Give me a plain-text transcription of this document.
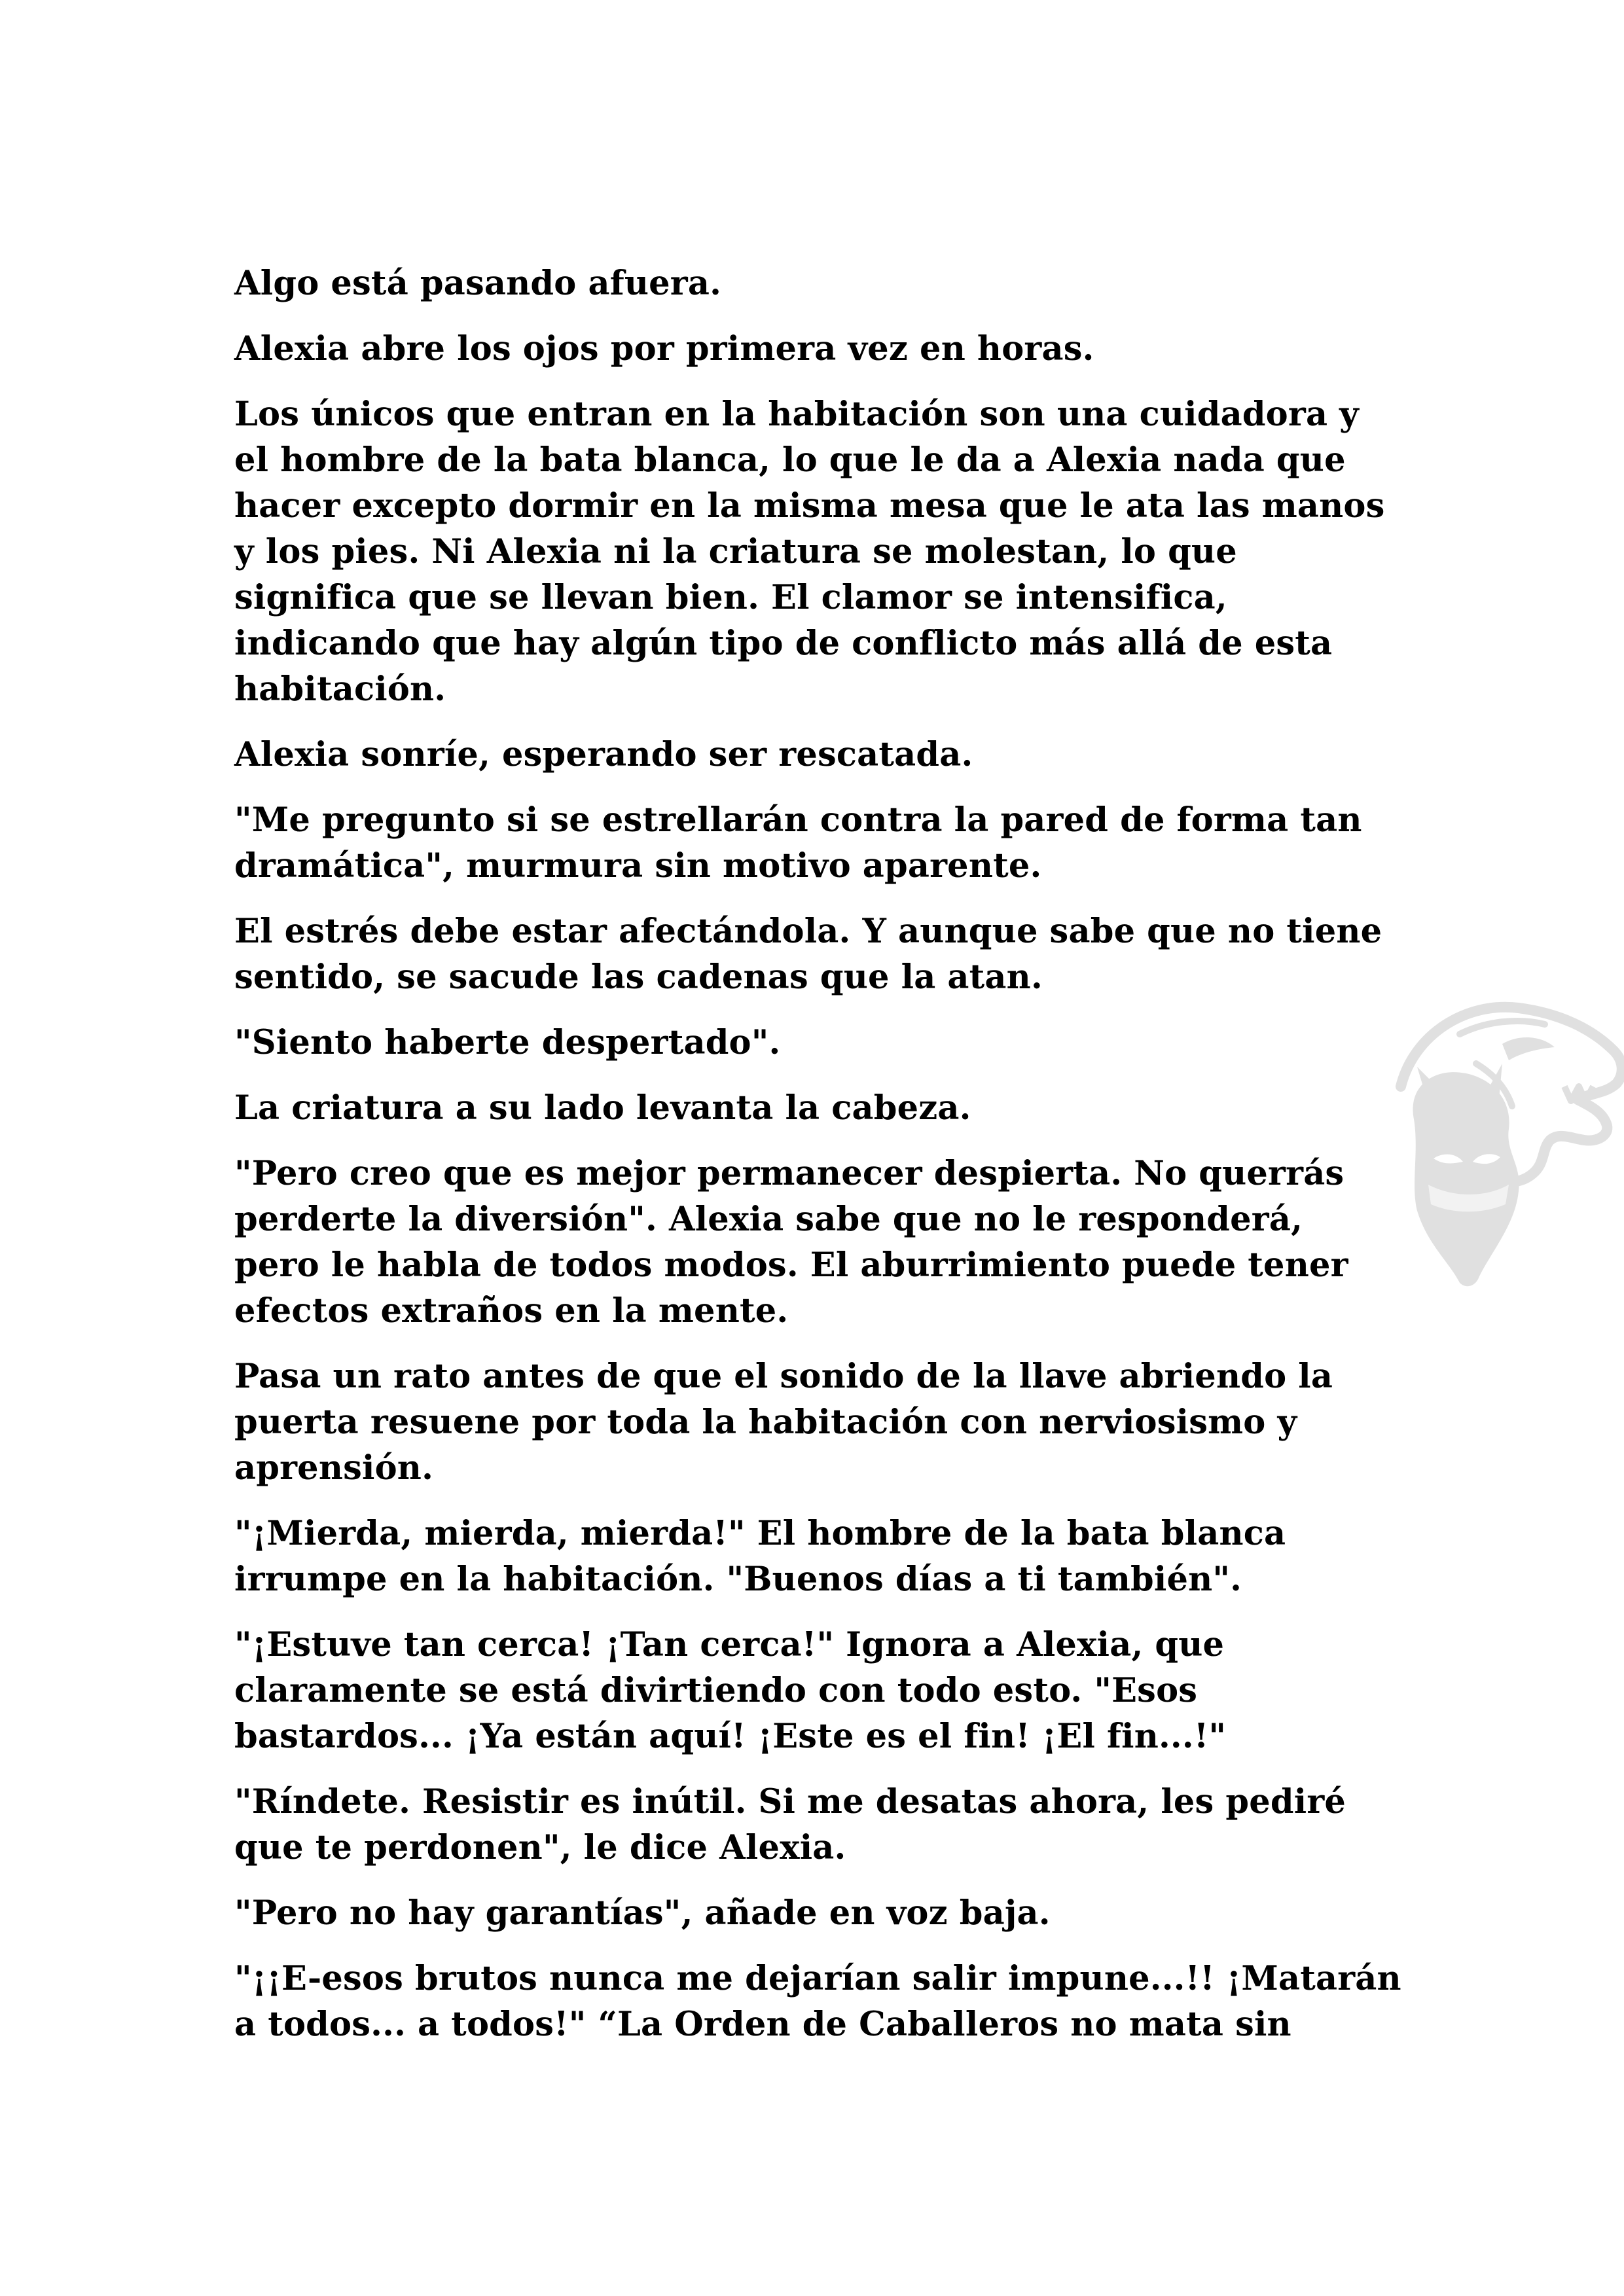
Algo está pasando afuera.

Alexia abre los ojos por primera vez en horas.

Los únicos que entran en la habitación son una cuidadora y
el hombre de la bata blanca, lo que le da a Alexia nada que
hacer excepto dormir en la misma mesa que le ata las manos
y los pies. Ni Alexia ni la criatura se molestan, lo que
significa que se llevan bien. El clamor se intensifica,
indicando que hay algún tipo de conflicto más allá de esta
habitación.

Alexia sonríe, esperando ser rescatada.

"Me pregunto si se estrellarán contra la pared de forma tan
dramática", murmura sin motivo aparente.

El estrés debe estar afectándola. Y aunque sabe que no tiene
sentido, se sacude las cadenas que la atan.

"Siento haberte despertado".

La criatura a su lado levanta la cabeza.

"Pero creo que es mejor permanecer despierta. No querrás
perderte la diversión". Alexia sabe que no le responderá,
pero le habla de todos modos. El aburrimiento puede tener
efectos extraños en la mente.

Pasa un rato antes de que el sonido de la llave abriendo la
puerta resuene por toda la habitación con nerviosismo y
aprensión.

"¡Mierda, mierda, mierda!" El hombre de la bata blanca
irrumpe en la habitación. "Buenos días a ti también".

"¡Estuve tan cerca! ¡Tan cerca!" Ignora a Alexia, que
claramente se está divirtiendo con todo esto. "Esos
bastardos... ¡Ya están aquí! ¡Este es el fin! ¡El fin...!"

"Ríndete. Resistir es inútil. Si me desatas ahora, les pediré
que te perdonen", le dice Alexia.

"Pero no hay garantías", añade en voz baja.

"¡¡E-esos brutos nunca me dejarían salir impune...!! ¡Matarán
a todos... a todos!" “La Orden de Caballeros no mata sin
